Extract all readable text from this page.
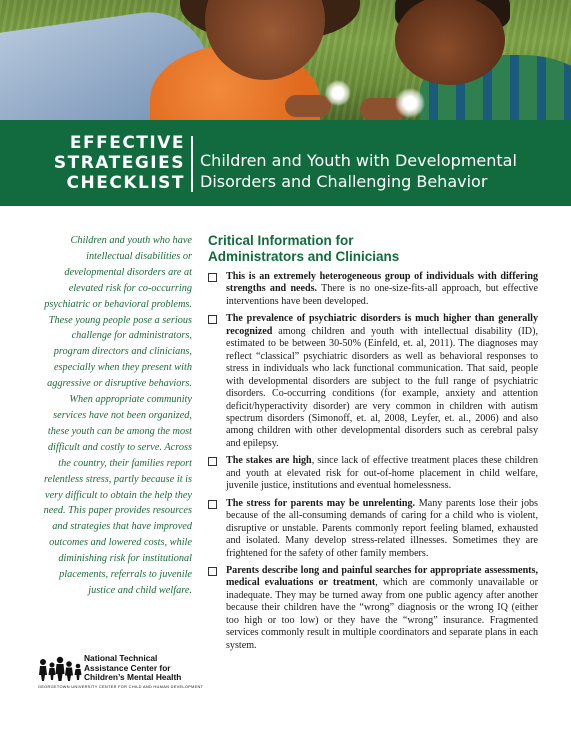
EFFECTIVE
STRATEGIES
CHECKLIST
Children and Youth with Developmental
Disorders and Challenging Behavior

Children and youth who have intellectual disabilities or developmental disorders are at elevated risk for co-occurring psychiatric or behavioral problems. These young people pose a serious challenge for administrators, program directors and clinicians, especially when they present with aggressive or disruptive behaviors. When appropriate community services have not been organized, these youth can be among the most difficult and costly to serve. Across the country, their families report relentless stress, partly because it is very difficult to obtain the help they need. This paper provides resources and strategies that have improved outcomes and lowered costs, while diminishing risk for institutional placements, referrals to juvenile justice and child welfare.

Critical Information for
Administrators and Clinicians
This is an extremely heterogeneous group of individuals with differing strengths and needs. There is no one-size-fits-all approach, but effective interventions have been developed.
The prevalence of psychiatric disorders is much higher than generally recognized among children and youth with intellectual disability (ID), estimated to be between 30-50% (Einfeld, et. al, 2011). The diagnoses may reflect “classical” psychiatric disorders as well as behavioral responses to stress in individuals who lack functional communication. That said, people with developmental disorders are subject to the full range of psychiatric disorders. Co-occurring conditions (for example, anxiety and attention deficit/hyperactivity disorder) are very common in children with autism spectrum disorders (Simonoff, et. al, 2008, Leyfer, et. al., 2006) and also among children with other developmental disorders such as cerebral palsy and epilepsy.
The stakes are high, since lack of effective treatment places these children and youth at elevated risk for out-of-home placement in child welfare, juvenile justice, institutions and eventual homelessness.
The stress for parents may be unrelenting. Many parents lose their jobs because of the all-consuming demands of caring for a child who is violent, disruptive or unstable. Parents commonly report feeling blamed, exhausted and isolated. Many develop stress-related illnesses. Sometimes they are frightened for the safety of other family members.
Parents describe long and painful searches for appropriate assessments, medical evaluations or treatment, which are commonly unavailable or inadequate. They may be turned away from one public agency after another because their children have the “wrong” diagnosis or the wrong IQ (either too high or too low) or they have the “wrong” insurance. Fragmented services commonly result in multiple coordinators and separate plans in each system.
National Technical
Assistance Center for
Children’s Mental Health
GEORGETOWN UNIVERSITY CENTER FOR CHILD AND HUMAN DEVELOPMENT
